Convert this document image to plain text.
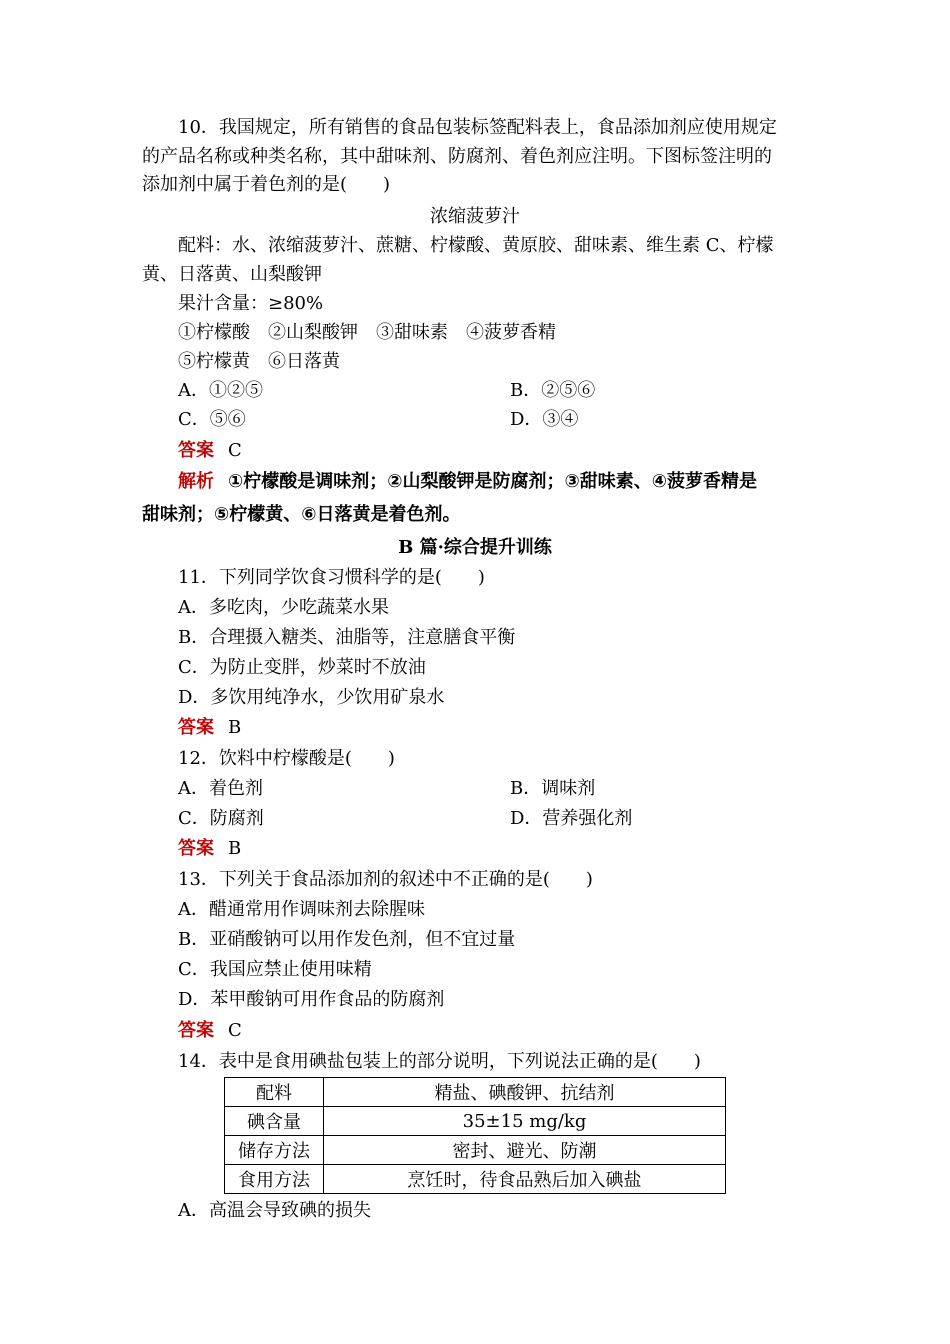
10．我国规定，所有销售的食品包装标签配料表上，食品添加剂应使用规定
的产品名称或种类名称，其中甜味剂、防腐剂、着色剂应注明。下图标签注明的
添加剂中属于着色剂的是(　　)
浓缩菠萝汁
配料：水、浓缩菠萝汁、蔗糖、柠檬酸、黄原胶、甜味素、维生素 C、柠檬
黄、日落黄、山梨酸钾
果汁含量：≥80%
①柠檬酸　②山梨酸钾　③甜味素　④菠萝香精
⑤柠檬黄　⑥日落黄
A．①②⑤	B．②⑤⑥
C．⑤⑥	D．③④
答案 C
解析 ①柠檬酸是调味剂；②山梨酸钾是防腐剂；③甜味素、④菠萝香精是
甜味剂；⑤柠檬黄、⑥日落黄是着色剂。
B 篇·综合提升训练
11．下列同学饮食习惯科学的是(　　)
A．多吃肉，少吃蔬菜水果
B．合理摄入糖类、油脂等，注意膳食平衡
C．为防止变胖，炒菜时不放油
D．多饮用纯净水，少饮用矿泉水
答案 B
12．饮料中柠檬酸是(　　)
A．着色剂	B．调味剂
C．防腐剂	D．营养强化剂
答案 B
13．下列关于食品添加剂的叙述中不正确的是(　　)
A．醋通常用作调味剂去除腥味
B．亚硝酸钠可以用作发色剂，但不宜过量
C．我国应禁止使用味精
D．苯甲酸钠可用作食品的防腐剂
答案 C
14．表中是食用碘盐包装上的部分说明，下列说法正确的是(　　)
配料	精盐、碘酸钾、抗结剂
碘含量	35±15 mg/kg
储存方法	密封、避光、防潮
食用方法	烹饪时，待食品熟后加入碘盐
A．高温会导致碘的损失
